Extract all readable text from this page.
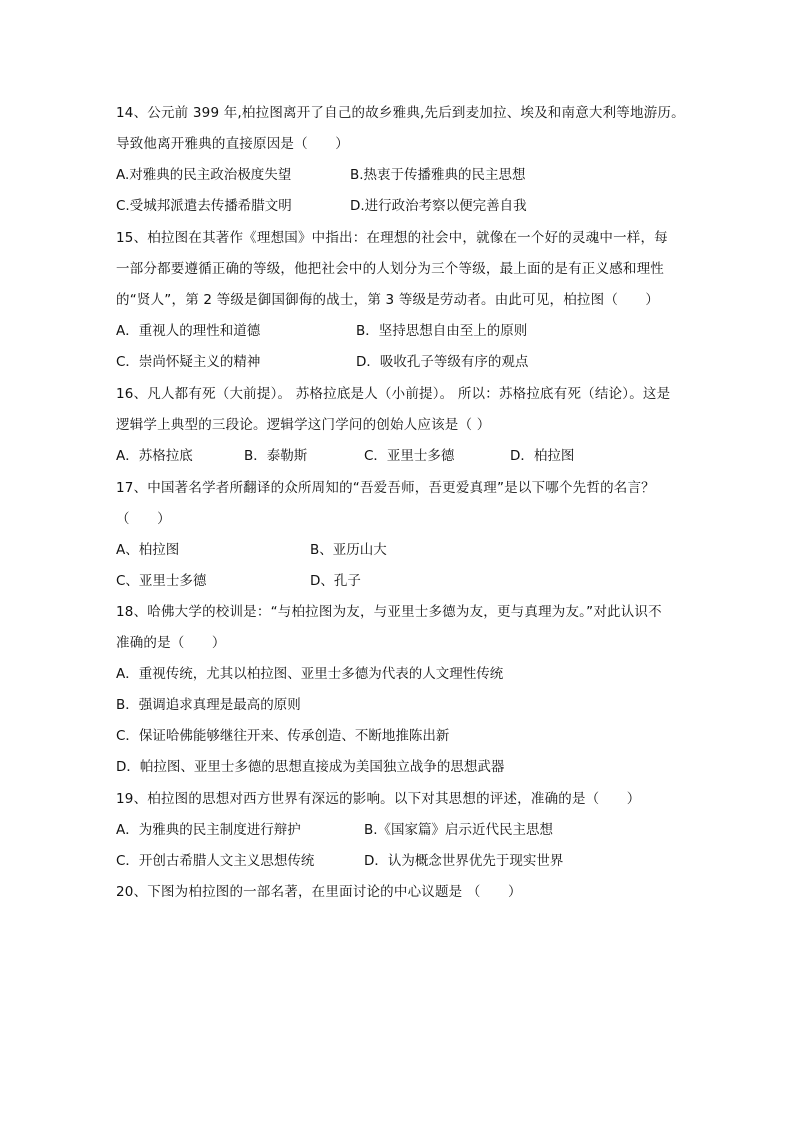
14、公元前 399 年,柏拉图离开了自己的故乡雅典,先后到麦加拉、埃及和南意大利等地游历。
导致他离开雅典的直接原因是（　　）
A.对雅典的民主政治极度失望	B.热衷于传播雅典的民主思想
C.受城邦派遣去传播希腊文明	D.进行政治考察以便完善自我
15、柏拉图在其著作《理想国》中指出：在理想的社会中，就像在一个好的灵魂中一样，每
一部分都要遵循正确的等级，他把社会中的人划分为三个等级，最上面的是有正义感和理性
的“贤人”，第 2 等级是御国御侮的战士，第 3 等级是劳动者。由此可见，柏拉图（　　）
A．重视人的理性和道德	B．坚持思想自由至上的原则
C．崇尚怀疑主义的精神	D．吸收孔子等级有序的观点
16、凡人都有死（大前提）。 苏格拉底是人（小前提）。 所以：苏格拉底有死（结论）。这是
逻辑学上典型的三段论。逻辑学这门学问的创始人应该是（ ）
A．苏格拉底	B．泰勒斯	C．亚里士多德	D．柏拉图
17、中国著名学者所翻译的众所周知的“吾爱吾师，吾更爱真理”是以下哪个先哲的名言？
（　　）
A、柏拉图	B、亚历山大
C、亚里士多德	D、孔子
18、哈佛大学的校训是：“与柏拉图为友，与亚里士多德为友，更与真理为友。”对此认识不
准确的是（　　）
A．重视传统，尤其以柏拉图、亚里士多德为代表的人文理性传统
B．强调追求真理是最高的原则
C．保证哈佛能够继往开来、传承创造、不断地推陈出新
D．帕拉图、亚里士多德的思想直接成为美国独立战争的思想武器
19、柏拉图的思想对西方世界有深远的影响。以下对其思想的评述，准确的是（　　）
A．为雅典的民主制度进行辩护	B.《国家篇》启示近代民主思想
C．开创古希腊人文主义思想传统	D．认为概念世界优先于现实世界
20、下图为柏拉图的一部名著，在里面讨论的中心议题是 （　　）
